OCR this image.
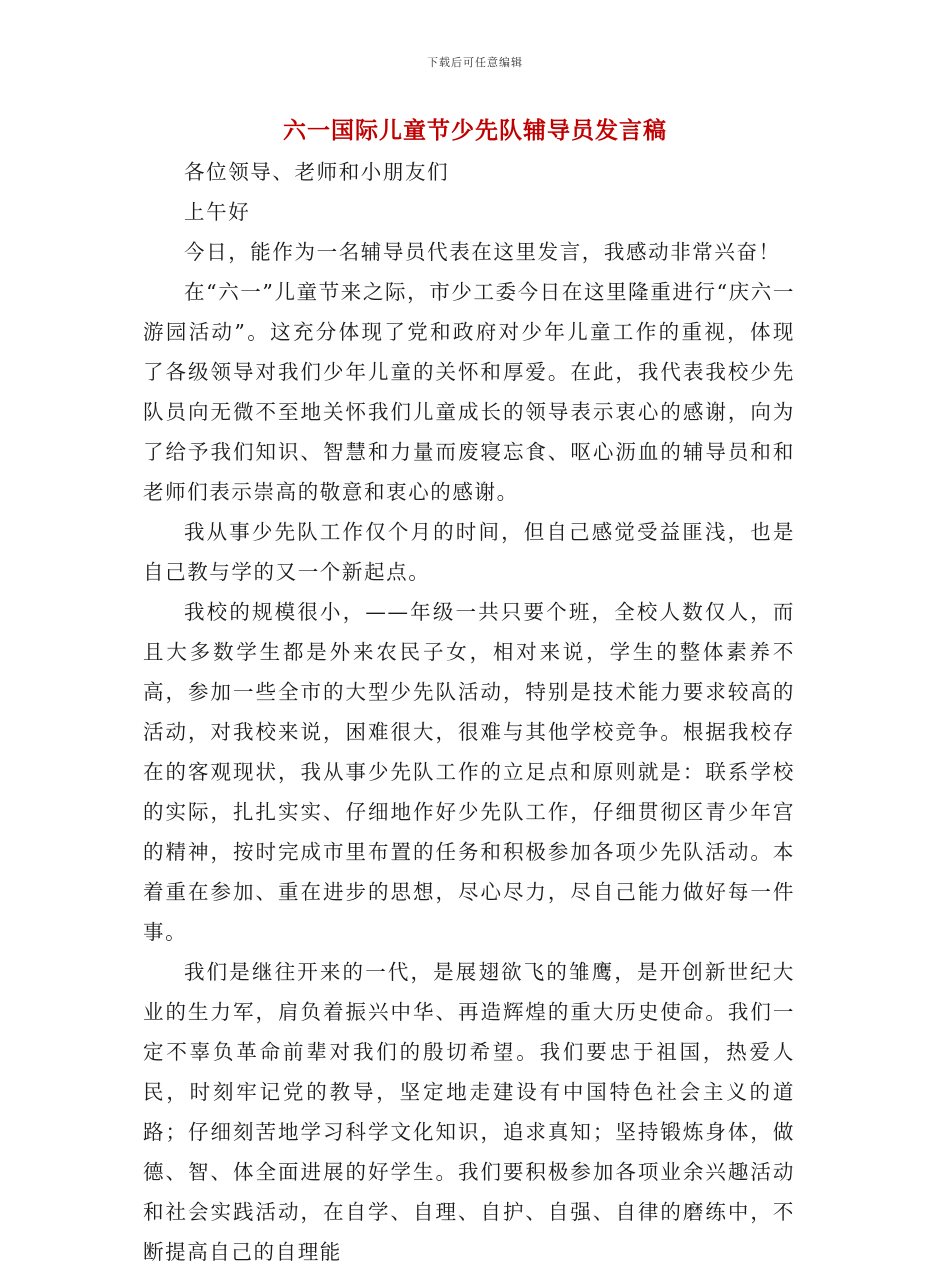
下载后可任意编辑
六一国际儿童节少先队辅导员发言稿

各位领导、老师和小朋友们

上午好

今日，能作为一名辅导员代表在这里发言，我感动非常兴奋！

在“六一”儿童节来之际，市少工委今日在这里隆重进行“庆六一游园活动”。这充分体现了党和政府对少年儿童工作的重视，体现了各级领导对我们少年儿童的关怀和厚爱。在此，我代表我校少先队员向无微不至地关怀我们儿童成长的领导表示衷心的感谢，向为了给予我们知识、智慧和力量而废寝忘食、呕心沥血的辅导员和和老师们表示崇高的敬意和衷心的感谢。

我从事少先队工作仅个月的时间，但自己感觉受益匪浅，也是自己教与学的又一个新起点。

我校的规模很小，——年级一共只要个班，全校人数仅人，而且大多数学生都是外来农民子女，相对来说，学生的整体素养不高，参加一些全市的大型少先队活动，特别是技术能力要求较高的活动，对我校来说，困难很大，很难与其他学校竞争。根据我校存在的客观现状，我从事少先队工作的立足点和原则就是：联系学校的实际，扎扎实实、仔细地作好少先队工作，仔细贯彻区青少年宫的精神，按时完成市里布置的任务和积极参加各项少先队活动。本着重在参加、重在进步的思想，尽心尽力，尽自己能力做好每一件事。

我们是继往开来的一代，是展翅欲飞的雏鹰，是开创新世纪大业的生力军，肩负着振兴中华、再造辉煌的重大历史使命。我们一定不辜负革命前辈对我们的殷切希望。我们要忠于祖国，热爱人民，时刻牢记党的教导，坚定地走建设有中国特色社会主义的道路；仔细刻苦地学习科学文化知识，追求真知；坚持锻炼身体，做德、智、体全面进展的好学生。我们要积极参加各项业余兴趣活动和社会实践活动，在自学、自理、自护、自强、自律的磨练中，不断提高自己的自理能
